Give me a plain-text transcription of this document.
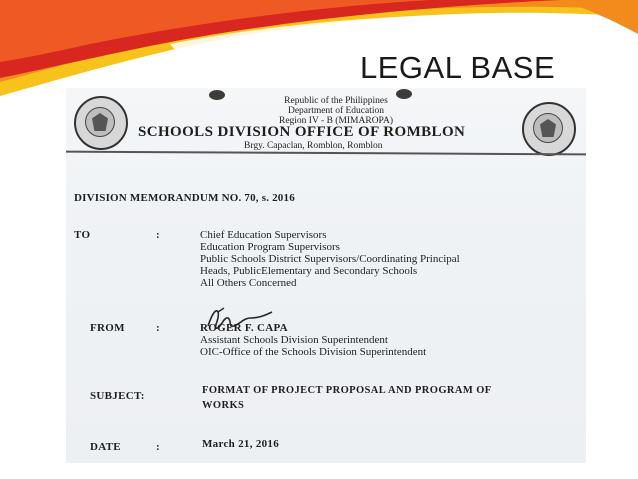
LEGAL BASE
Republic of the Philippines
Department of Education
Region IV - B (MIMAROPA)
SCHOOLS DIVISION OFFICE OF ROMBLON
Brgy. Capaclan, Romblon, Romblon
DIVISION MEMORANDUM NO. 70, s. 2016
TO	:	Chief Education Supervisors
Education Program Supervisors
Public Schools District Supervisors/Coordinating Principal
Heads, PublicElementary and Secondary Schools
All Others Concerned
FROM	:	ROGER F. CAPA
Assistant Schools Division Superintendent
OIC-Office of the Schools Division Superintendent
SUBJECT:	FORMAT OF PROJECT PROPOSAL AND PROGRAM OF
WORKS
DATE	:	March 21, 2016
